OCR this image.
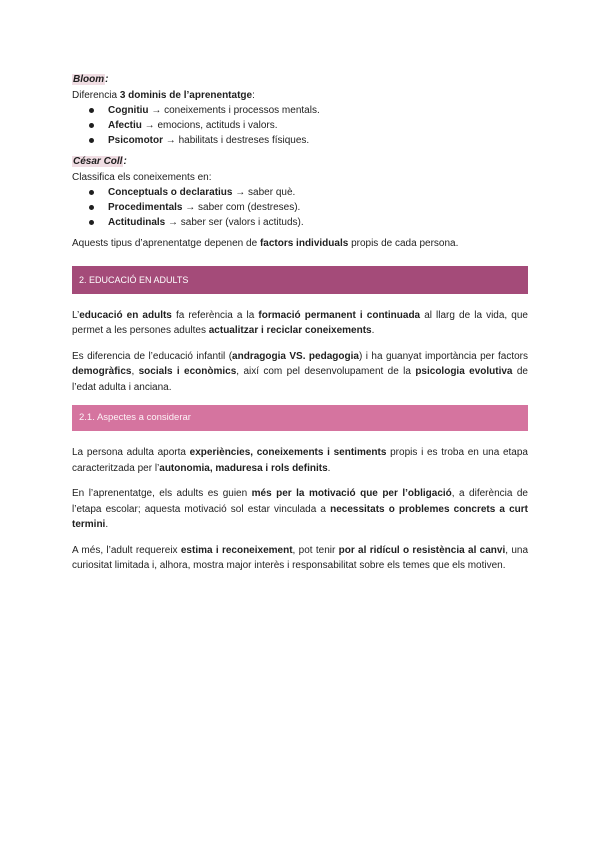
Bloom:

Diferencia 3 dominis de l’aprenentatge:

Cognitiu → coneixements i processos mentals.
Afectiu → emocions, actituds i valors.
Psicomotor → habilitats i destreses físiques.

César Coll:

Classifica els coneixements en:

Conceptuals o declaratius → saber què.
Procedimentals → saber com (destreses).
Actitudinals → saber ser (valors i actituds).

Aquests tipus d’aprenentatge depenen de factors individuals propis de cada persona.

2. EDUCACIÓ EN ADULTS

L’educació en adults fa referència a la formació permanent i continuada al llarg de la vida, que permet a les persones adultes actualitzar i reciclar coneixements.

Es diferencia de l’educació infantil (andragogia VS. pedagogia) i ha guanyat importància per factors demogràfics, socials i econòmics, així com pel desenvolupament de la psicologia evolutiva de l’edat adulta i anciana.

2.1. Aspectes a considerar

La persona adulta aporta experiències, coneixements i sentiments propis i es troba en una etapa caracteritzada per l’autonomia, maduresa i rols definits.

En l’aprenentatge, els adults es guien més per la motivació que per l’obligació, a diferència de l’etapa escolar; aquesta motivació sol estar vinculada a necessitats o problemes concrets a curt termini.

A més, l’adult requereix estima i reconeixement, pot tenir por al ridícul o resistència al canvi, una curiositat limitada i, alhora, mostra major interès i responsabilitat sobre els temes que els motiven.
